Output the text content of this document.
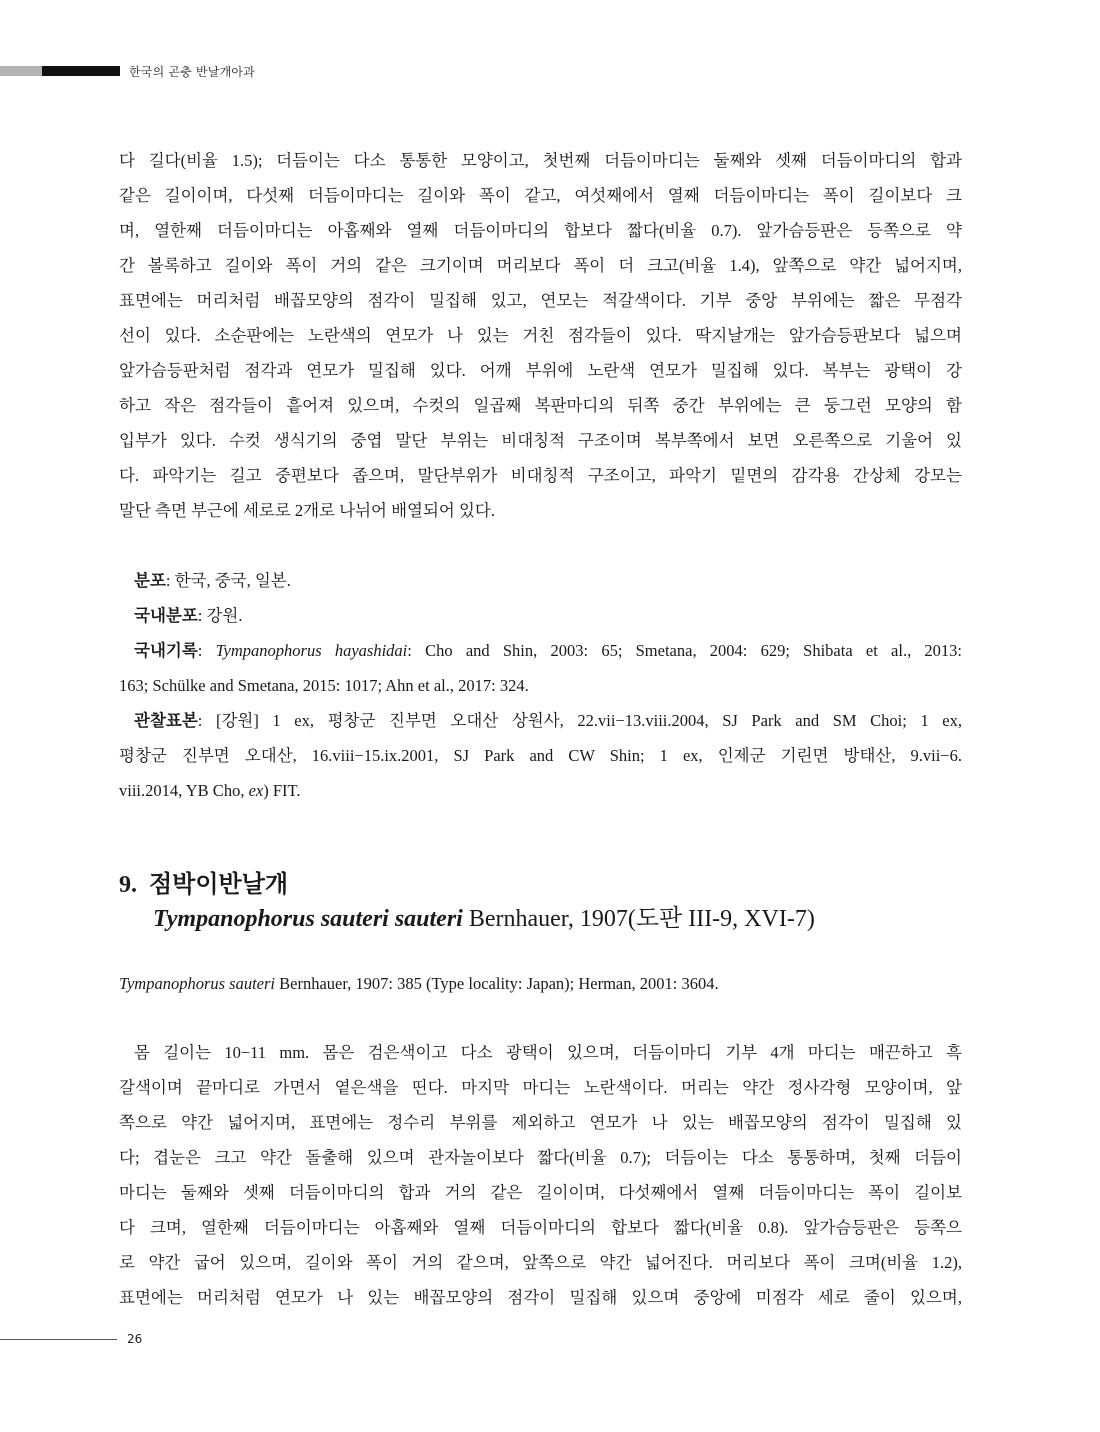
한국의 곤충 반날개아과
다 길다(비율 1.5); 더듬이는 다소 통통한 모양이고, 첫번째 더듬이마디는 둘째와 셋째 더듬이마디의 합과
같은 길이이며, 다섯째 더듬이마디는 길이와 폭이 같고, 여섯째에서 열째 더듬이마디는 폭이 길이보다 크
며, 열한째 더듬이마디는 아홉째와 열째 더듬이마디의 합보다 짧다(비율 0.7). 앞가슴등판은 등쪽으로 약
간 볼록하고 길이와 폭이 거의 같은 크기이며 머리보다 폭이 더 크고(비율 1.4), 앞쪽으로 약간 넓어지며,
표면에는 머리처럼 배꼽모양의 점각이 밀집해 있고, 연모는 적갈색이다. 기부 중앙 부위에는 짧은 무점각
선이 있다. 소순판에는 노란색의 연모가 나 있는 거친 점각들이 있다. 딱지날개는 앞가슴등판보다 넓으며
앞가슴등판처럼 점각과 연모가 밀집해 있다. 어깨 부위에 노란색 연모가 밀집해 있다. 복부는 광택이 강
하고 작은 점각들이 흩어져 있으며, 수컷의 일곱째 복판마디의 뒤쪽 중간 부위에는 큰 둥그런 모양의 함
입부가 있다. 수컷 생식기의 중엽 말단 부위는 비대칭적 구조이며 복부쪽에서 보면 오른쪽으로 기울어 있
다. 파악기는 길고 중편보다 좁으며, 말단부위가 비대칭적 구조이고, 파악기 밑면의 감각용 간상체 강모는
말단 측면 부근에 세로로 2개로 나뉘어 배열되어 있다.
분포: 한국, 중국, 일본.
국내분포: 강원.
국내기록: Tympanophorus hayashidai: Cho and Shin, 2003: 65; Smetana, 2004: 629; Shibata et al., 2013:
163; Schülke and Smetana, 2015: 1017; Ahn et al., 2017: 324.
관찰표본: [강원] 1 ex, 평창군 진부면 오대산 상원사, 22.vii−13.viii.2004, SJ Park and SM Choi; 1 ex,
평창군 진부면 오대산, 16.viii−15.ix.2001, SJ Park and CW Shin; 1 ex, 인제군 기린면 방태산, 9.vii−6.
viii.2014, YB Cho, ex) FIT.
9. 점박이반날개
Tympanophorus sauteri sauteri Bernhauer, 1907(도판 III-9, XVI-7)
Tympanophorus sauteri Bernhauer, 1907: 385 (Type locality: Japan); Herman, 2001: 3604.
몸 길이는 10−11 mm. 몸은 검은색이고 다소 광택이 있으며, 더듬이마디 기부 4개 마디는 매끈하고 흑
갈색이며 끝마디로 가면서 옅은색을 띤다. 마지막 마디는 노란색이다. 머리는 약간 정사각형 모양이며, 앞
쪽으로 약간 넓어지며, 표면에는 정수리 부위를 제외하고 연모가 나 있는 배꼽모양의 점각이 밀집해 있
다; 겹눈은 크고 약간 돌출해 있으며 관자놀이보다 짧다(비율 0.7); 더듬이는 다소 통통하며, 첫째 더듬이
마디는 둘째와 셋째 더듬이마디의 합과 거의 같은 길이이며, 다섯째에서 열째 더듬이마디는 폭이 길이보
다 크며, 열한째 더듬이마디는 아홉째와 열째 더듬이마디의 합보다 짧다(비율 0.8). 앞가슴등판은 등쪽으
로 약간 굽어 있으며, 길이와 폭이 거의 같으며, 앞쪽으로 약간 넓어진다. 머리보다 폭이 크며(비율 1.2),
표면에는 머리처럼 연모가 나 있는 배꼽모양의 점각이 밀집해 있으며 중앙에 미점각 세로 줄이 있으며,
26
